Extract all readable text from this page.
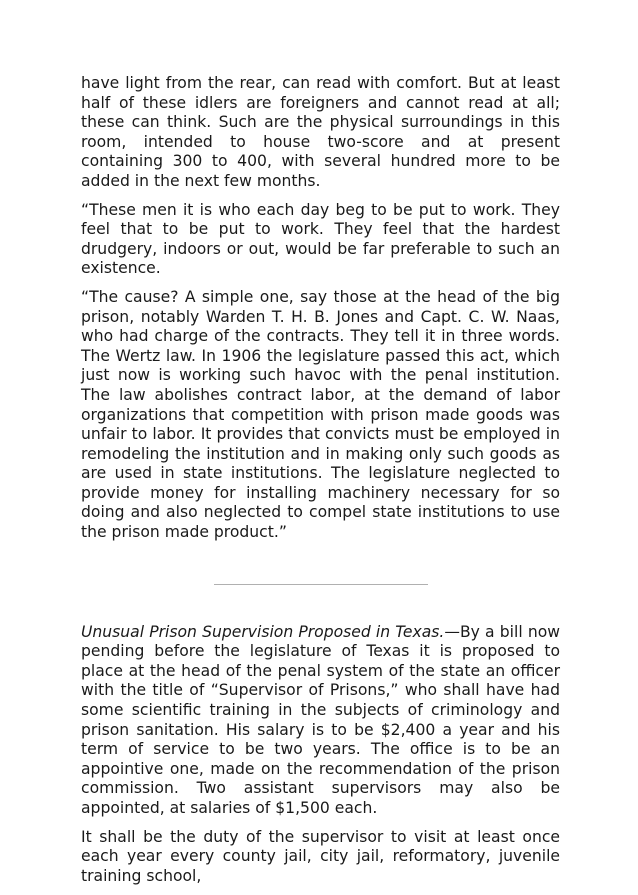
have light from the rear, can read with comfort. But at least half of these idlers are foreigners and cannot read at all; these can think. Such are the physical surroundings in this room, intended to house two-score and at present containing 300 to 400, with several hundred more to be added in the next few months.

“These men it is who each day beg to be put to work. They feel that to be put to work. They feel that the hardest drudgery, indoors or out, would be far preferable to such an existence.

“The cause? A simple one, say those at the head of the big prison, notably Warden T. H. B. Jones and Capt. C. W. Naas, who had charge of the contracts. They tell it in three words. The Wertz law. In 1906 the legislature passed this act, which just now is working such havoc with the penal institution. The law abolishes contract labor, at the demand of labor organizations that competition with prison made goods was unfair to labor. It provides that convicts must be employed in remodeling the institution and in making only such goods as are used in state institutions. The legislature neglected to provide money for installing machinery necessary for so doing and also neglected to compel state institutions to use the prison made product.”

Unusual Prison Supervision Proposed in Texas.—By a bill now pending before the legislature of Texas it is proposed to place at the head of the penal system of the state an officer with the title of “Supervisor of Prisons,” who shall have had some scientific training in the subjects of criminology and prison sanitation. His salary is to be $2,400 a year and his term of service to be two years. The office is to be an appointive one, made on the recommendation of the prison commission. Two assistant supervisors may also be appointed, at salaries of $1,500 each.

It shall be the duty of the supervisor to visit at least once each year every county jail, city jail, reformatory, juvenile training school,
